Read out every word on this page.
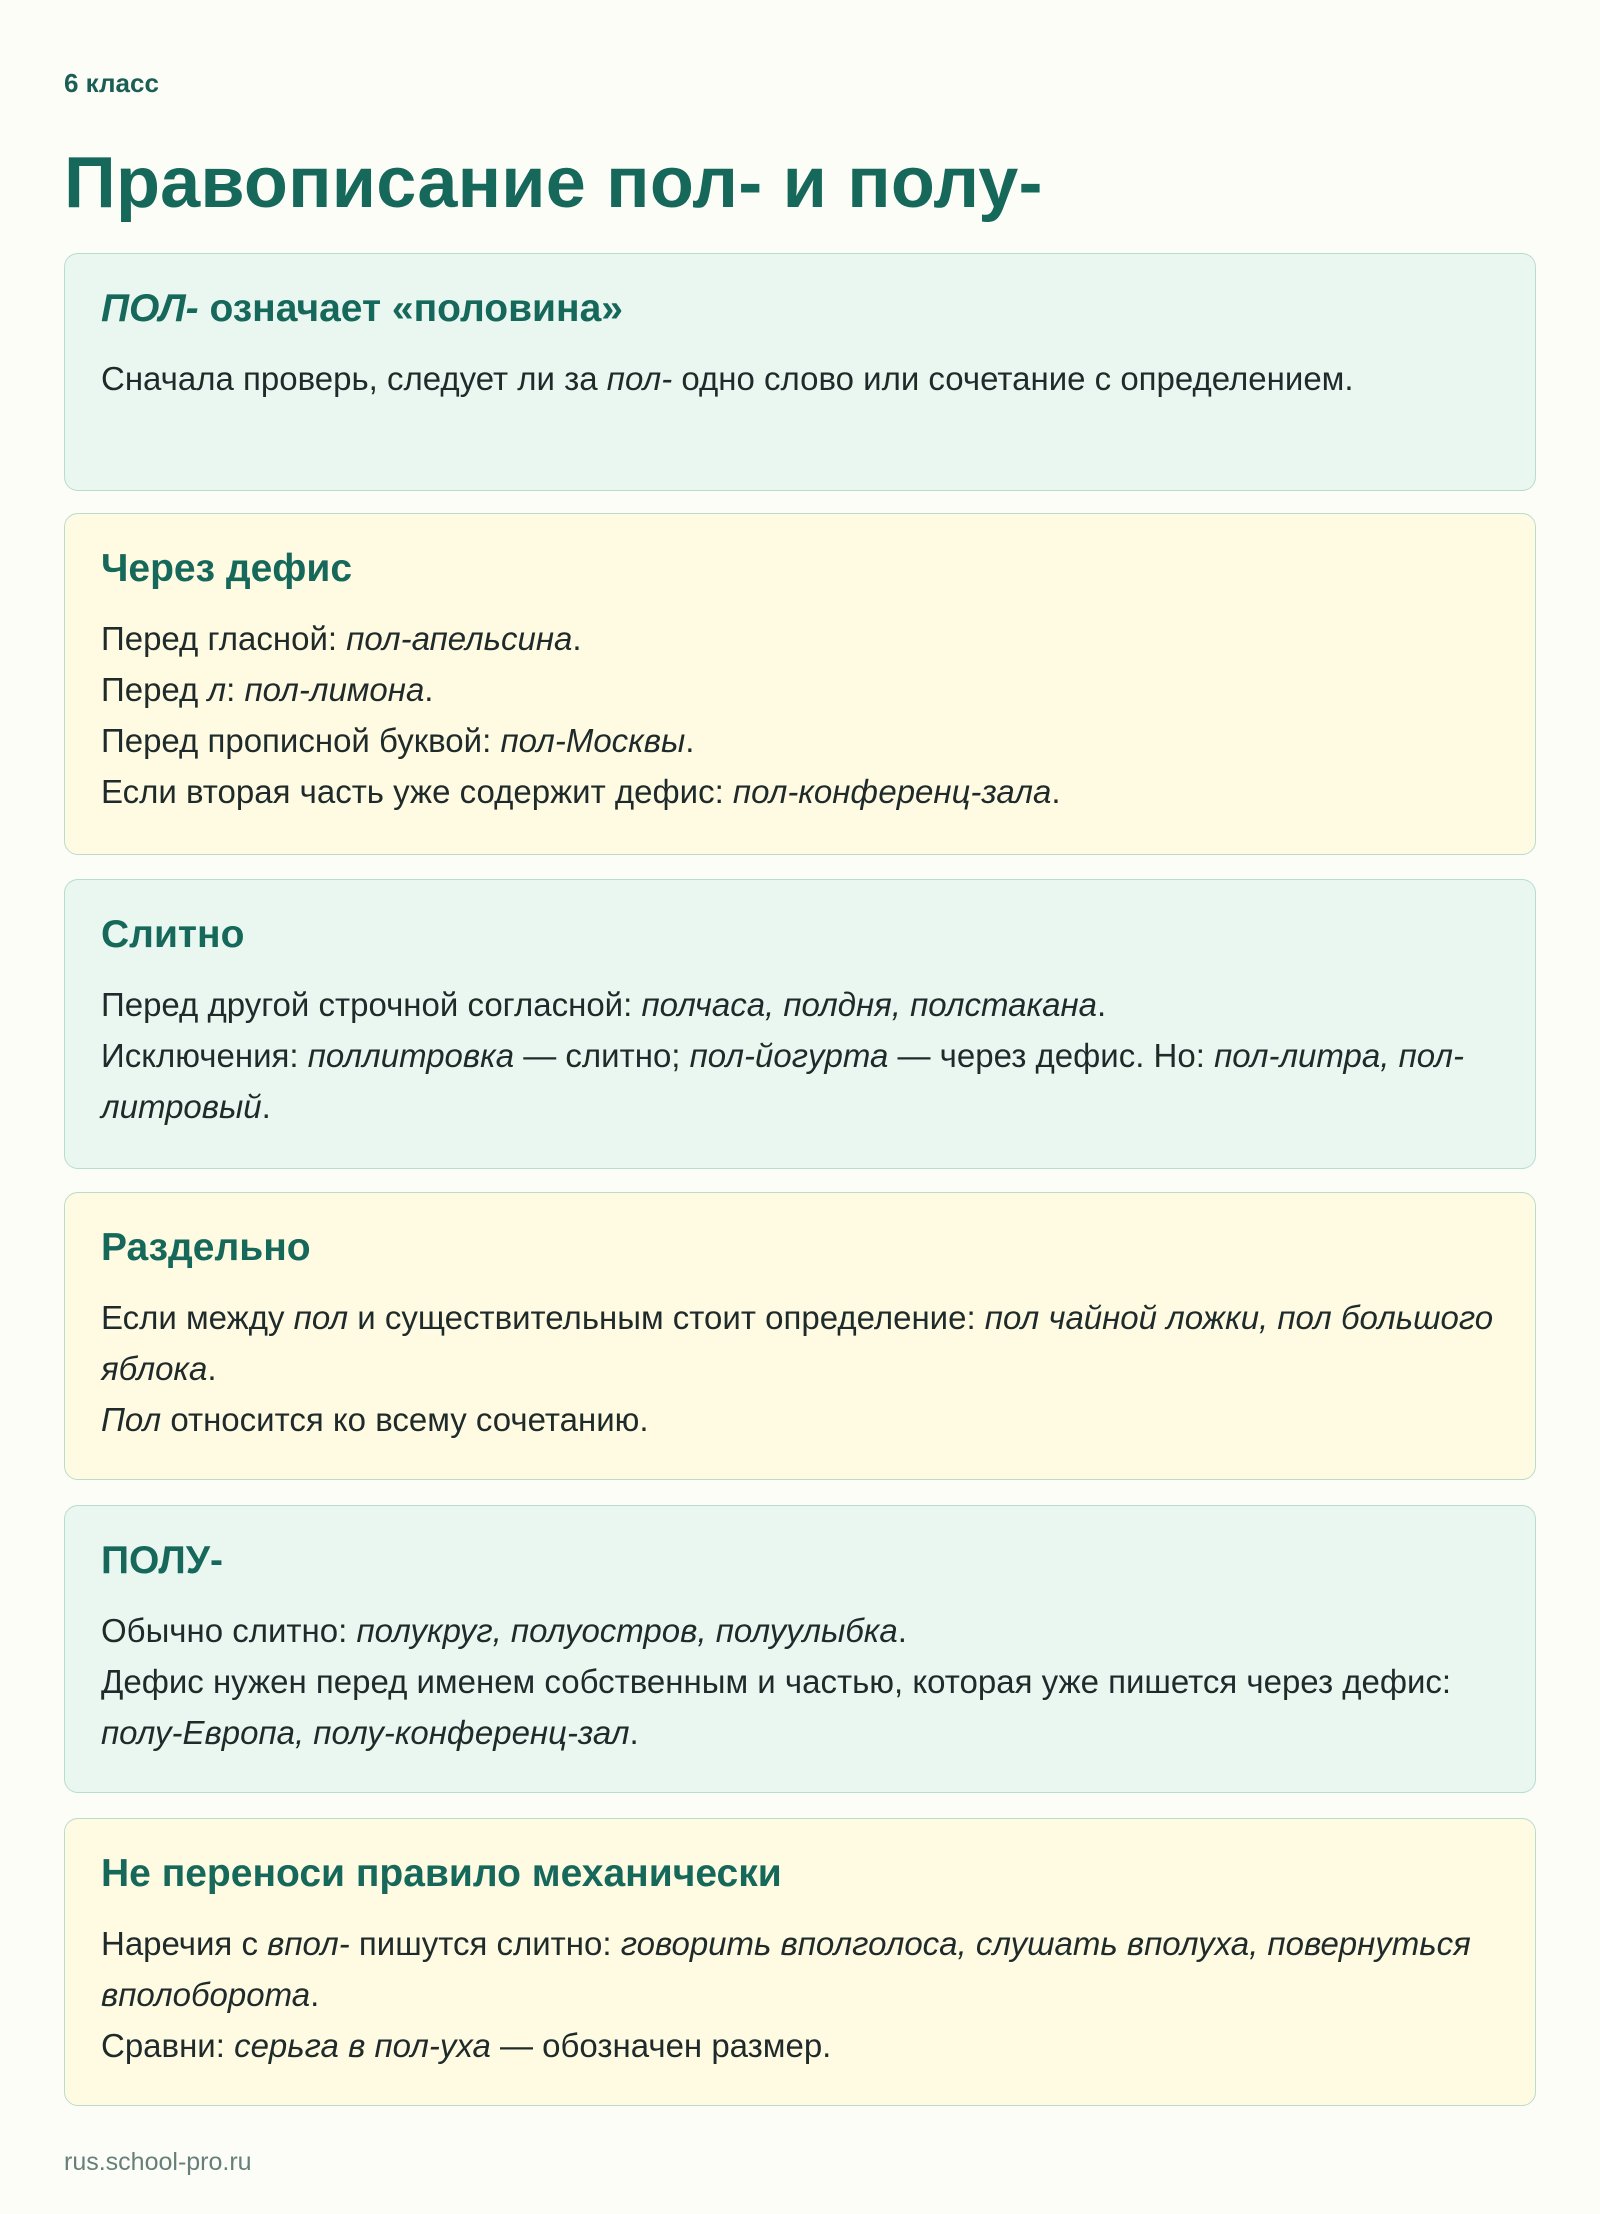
6 класс
Правописание пол- и полу-
ПОЛ- означает «половина»

Сначала проверь, следует ли за пол- одно слово или сочетание с определением.

Через дефис

Перед гласной: пол-апельсина.

Перед л: пол-лимона.

Перед прописной буквой: пол-Москвы.

Если вторая часть уже содержит дефис: пол-конференц-зала.

Слитно

Перед другой строчной согласной: полчаса, полдня, полстакана.

Исключения: поллитровка — слитно; пол-йогурта — через дефис. Но: пол-литра, пол-литровый.

Раздельно

Если между пол и существительным стоит определение: пол чайной ложки, пол большого яблока.

Пол относится ко всему сочетанию.

ПОЛУ-

Обычно слитно: полукруг, полуостров, полуулыбка.

Дефис нужен перед именем собственным и частью, которая уже пишется через дефис: полу-Европа, полу-конференц-зал.

Не переноси правило механически

Наречия с впол- пишутся слитно: говорить вполголоса, слушать вполуха, повернуться вполоборота.

Сравни: серьга в пол-уха — обозначен размер.

rus.school-pro.ru
